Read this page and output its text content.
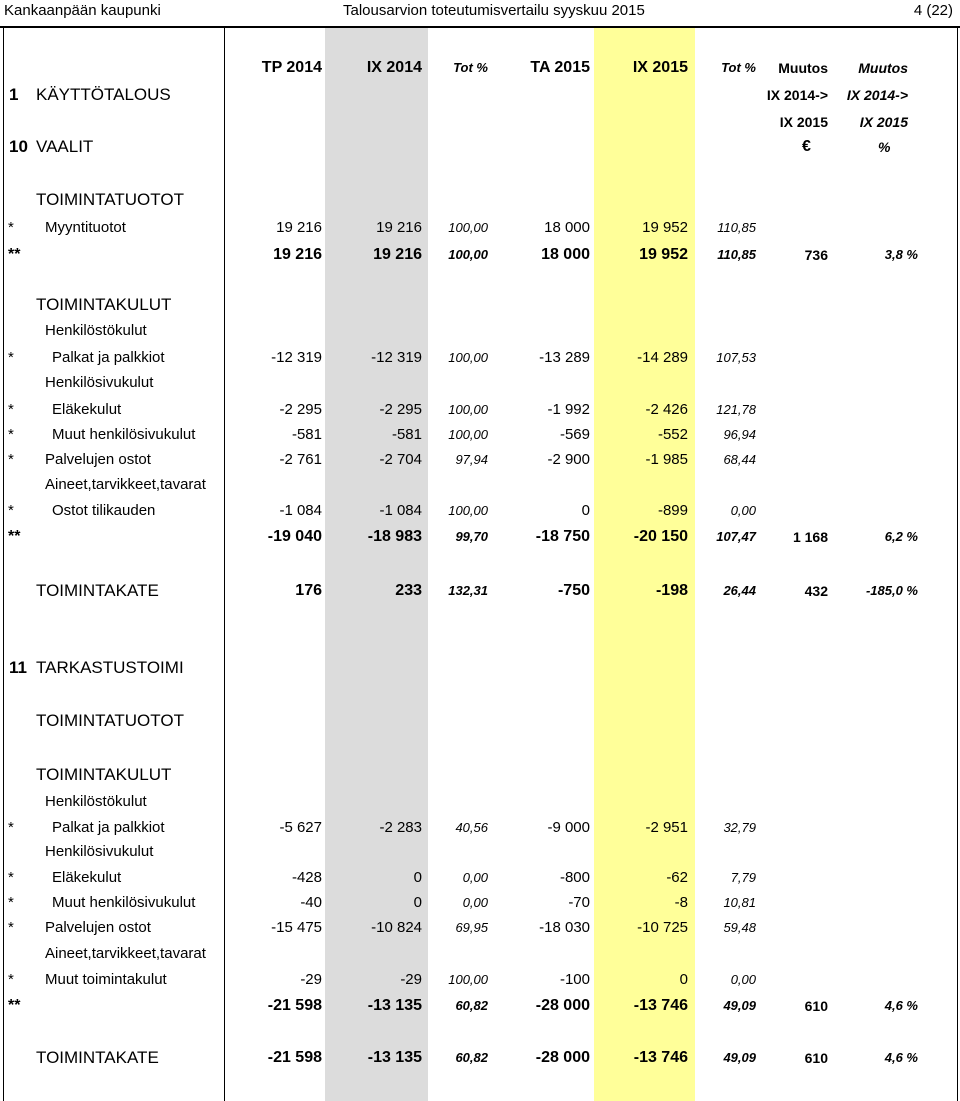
Kankaanpään kaupunki	Talousarvion toteutumisvertailu syyskuu 2015	4 (22)
TP 2014	IX 2014	Tot %	TA 2015	IX 2015	Tot %	Muutos	Muutos
IX 2014->	IX 2014->
IX 2015	IX 2015
€	%
1 KÄYTTÖTALOUS
10 VAALIT
TOIMINTATUOTOT
* Myyntituotot	19 216	19 216	100,00	18 000	19 952	110,85
**	19 216	19 216	100,00	18 000	19 952	110,85	736	3,8 %
TOIMINTAKULUT
Henkilöstökulut
*	Palkat ja palkkiot	-12 319	-12 319	100,00	-13 289	-14 289	107,53
Henkilösivukulut
*	Eläkekulut	-2 295	-2 295	100,00	-1 992	-2 426	121,78
*	Muut henkilösivukulut	-581	-581	100,00	-569	-552	96,94
* Palvelujen ostot	-2 761	-2 704	97,94	-2 900	-1 985	68,44
Aineet,tarvikkeet,tavarat
*	Ostot tilikauden	-1 084	-1 084	100,00	0	-899	0,00
**	-19 040	-18 983	99,70	-18 750	-20 150	107,47	1 168	6,2 %
TOIMINTAKATE	176	233	132,31	-750	-198	26,44	432	-185,0 %
11 TARKASTUSTOIMI
TOIMINTATUOTOT
TOIMINTAKULUT
Henkilöstökulut
*	Palkat ja palkkiot	-5 627	-2 283	40,56	-9 000	-2 951	32,79
Henkilösivukulut
*	Eläkekulut	-428	0	0,00	-800	-62	7,79
*	Muut henkilösivukulut	-40	0	0,00	-70	-8	10,81
* Palvelujen ostot	-15 475	-10 824	69,95	-18 030	-10 725	59,48
Aineet,tarvikkeet,tavarat
* Muut toimintakulut	-29	-29	100,00	-100	0	0,00
**	-21 598	-13 135	60,82	-28 000	-13 746	49,09	610	4,6 %
TOIMINTAKATE	-21 598	-13 135	60,82	-28 000	-13 746	49,09	610	4,6 %
